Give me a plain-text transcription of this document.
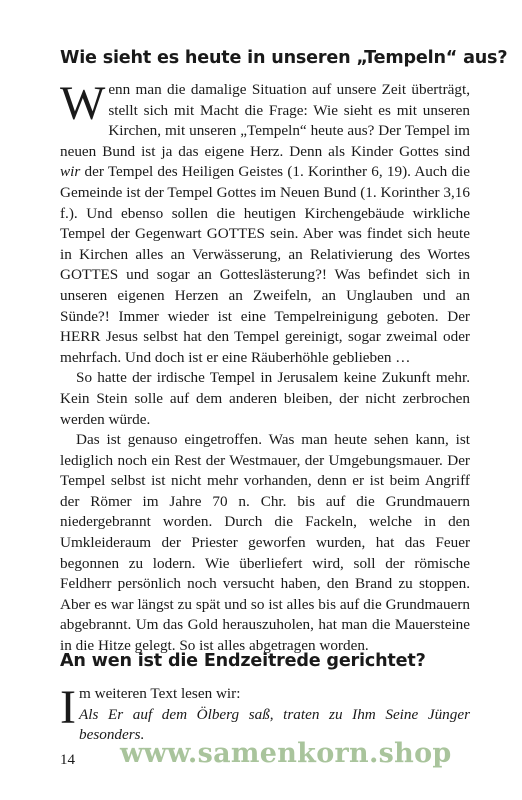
Wie sieht es heute in unseren „Tempeln“ aus?

Wenn man die damalige Situation auf unsere Zeit überträgt, stellt sich mit Macht die Frage: Wie sieht es mit unseren Kirchen, mit unseren „Tempeln“ heute aus? Der Tempel im neuen Bund ist ja das eigene Herz. Denn als Kinder Gottes sind wir der Tempel des Heiligen Geistes (1. Korinther 6, 19). Auch die Gemeinde ist der Tempel Gottes im Neuen Bund (1. Korinther 3,16 f.). Und ebenso sollen die heutigen Kirchengebäude wirkliche Tempel der Gegenwart GOTTES sein. Aber was findet sich heute in Kirchen alles an Verwässerung, an Relativierung des Wortes GOTTES und sogar an Gotteslästerung?! Was befindet sich in unseren eigenen Herzen an Zweifeln, an Unglauben und an Sünde?! Immer wieder ist eine Tempelreinigung geboten. Der HERR Jesus selbst hat den Tempel gereinigt, sogar zweimal oder mehrfach. Und doch ist er eine Räuberhöhle geblieben …

So hatte der irdische Tempel in Jerusalem keine Zukunft mehr. Kein Stein solle auf dem anderen bleiben, der nicht zerbrochen werden würde.

Das ist genauso eingetroffen. Was man heute sehen kann, ist lediglich noch ein Rest der Westmauer, der Umgebungsmauer. Der Tempel selbst ist nicht mehr vorhanden, denn er ist beim Angriff der Römer im Jahre 70 n. Chr. bis auf die Grundmauern niedergebrannt worden. Durch die Fackeln, welche in den Umkleideraum der Priester geworfen wurden, hat das Feuer begonnen zu lodern. Wie überliefert wird, soll der römische Feldherr persönlich noch versucht haben, den Brand zu stoppen. Aber es war längst zu spät und so ist alles bis auf die Grundmauern abgebrannt. Um das Gold herauszuholen, hat man die Mauersteine in die Hitze gelegt. So ist alles abgetragen worden.

An wen ist die Endzeitrede gerichtet?

Im weiteren Text lesen wir:
Als Er auf dem Ölberg saß, traten zu Ihm Seine Jünger besonders.

14 www.samenkorn.shop
